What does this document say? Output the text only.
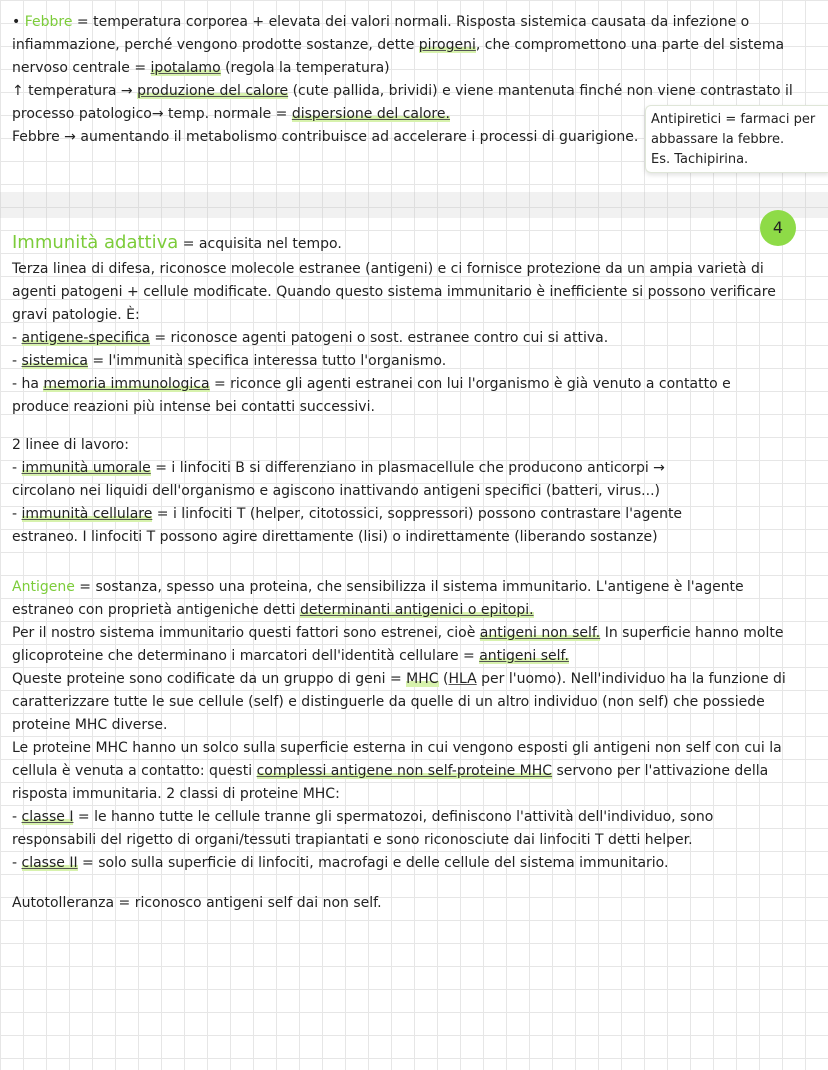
• Febbre = temperatura corporea + elevata dei valori normali. Risposta sistemica causata da infezione o
infiammazione, perché vengono prodotte sostanze, dette pirogeni, che compromettono una parte del sistema
nervoso centrale = ipotalamo (regola la temperatura)
↑ temperatura → produzione del calore (cute pallida, brividi) e viene mantenuta finché non viene contrastato il
processo patologico→ temp. normale = dispersione del calore.
Febbre → aumentando il metabolismo contribuisce ad accelerare i processi di guarigione.
Antipiretici = farmaci per
abbassare la febbre.
Es. Tachipirina.
4
Immunità adattiva = acquisita nel tempo.
Terza linea di difesa, riconosce molecole estranee (antigeni) e ci fornisce protezione da un ampia varietà di
agenti patogeni + cellule modificate. Quando questo sistema immunitario è inefficiente si possono verificare
gravi patologie. È:
- antigene-specifica = riconosce agenti patogeni o sost. estranee contro cui si attiva.
- sistemica = l'immunità specifica interessa tutto l'organismo.
- ha memoria immunologica = riconce gli agenti estranei con lui l'organismo è già venuto a contatto e
produce reazioni più intense bei contatti successivi.
2 linee di lavoro:
- immunità umorale = i linfociti B si differenziano in plasmacellule che producono anticorpi →
circolano nei liquidi dell'organismo e agiscono inattivando antigeni specifici (batteri, virus...)
- immunità cellulare = i linfociti T (helper, citotossici, soppressori) possono contrastare l'agente
estraneo. I linfociti T possono agire direttamente (lisi) o indirettamente (liberando sostanze)
Antigene = sostanza, spesso una proteina, che sensibilizza il sistema immunitario. L'antigene è l'agente
estraneo con proprietà antigeniche detti determinanti antigenici o epitopi.
Per il nostro sistema immunitario questi fattori sono estrenei, cioè antigeni non self. In superficie hanno molte
glicoproteine che determinano i marcatori dell'identità cellulare = antigeni self.
Queste proteine sono codificate da un gruppo di geni = MHC (HLA per l'uomo). Nell'individuo ha la funzione di
caratterizzare tutte le sue cellule (self) e distinguerle da quelle di un altro individuo (non self) che possiede
proteine MHC diverse.
Le proteine MHC hanno un solco sulla superficie esterna in cui vengono esposti gli antigeni non self con cui la
cellula è venuta a contatto: questi complessi antigene non self-proteine MHC servono per l'attivazione della
risposta immunitaria. 2 classi di proteine MHC:
- classe I = le hanno tutte le cellule tranne gli spermatozoi, definiscono l'attività dell'individuo, sono
responsabili del rigetto di organi/tessuti trapiantati e sono riconosciute dai linfociti T detti helper.
- classe II = solo sulla superficie di linfociti, macrofagi e delle cellule del sistema immunitario.
Autotolleranza = riconosco antigeni self dai non self.
